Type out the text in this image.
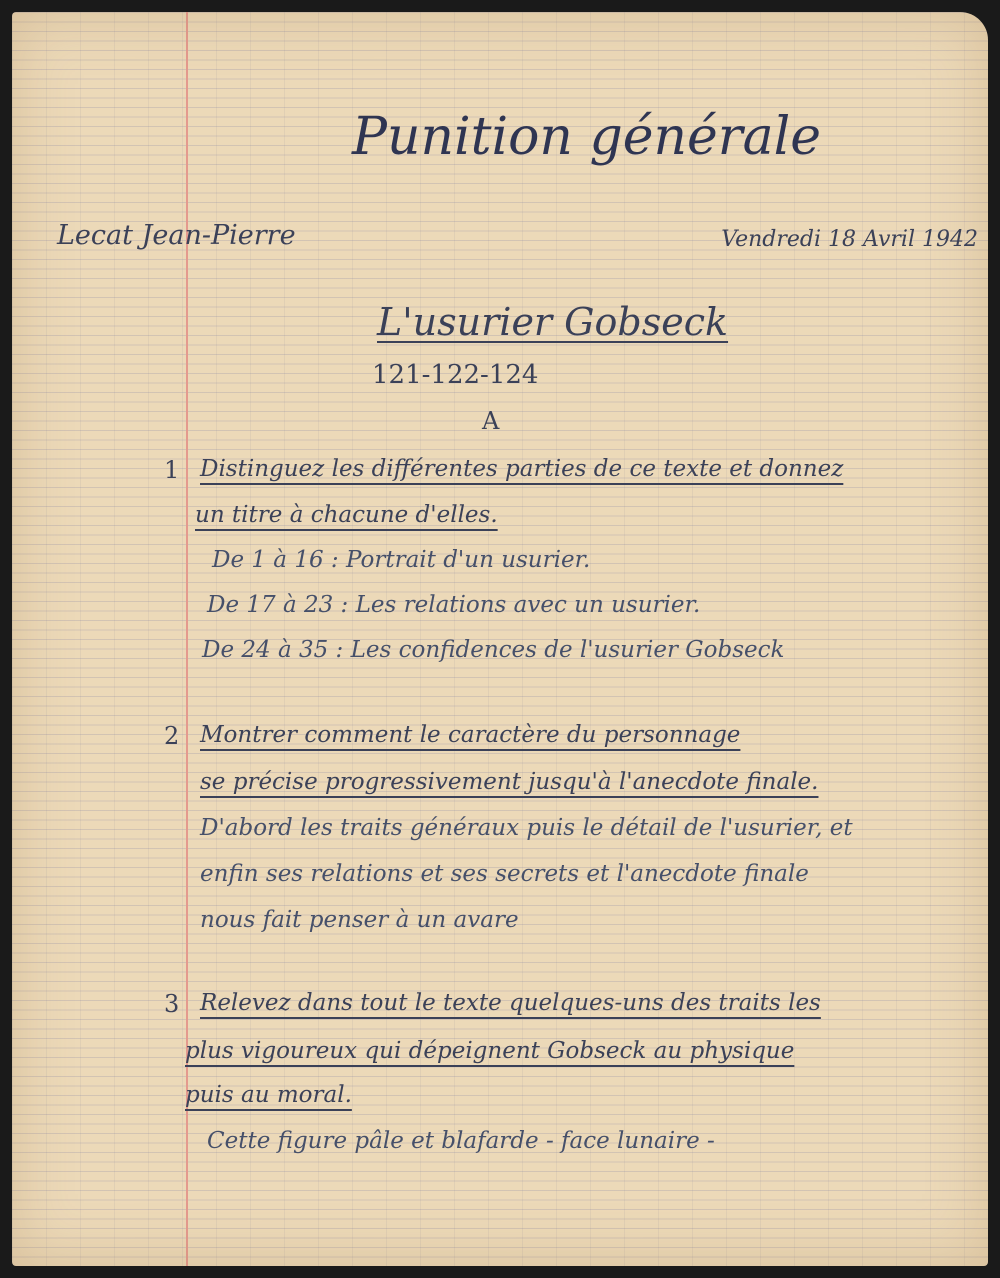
Punition générale
Lecat Jean-Pierre	Vendredi 18 Avril 1942
L'usurier Gobseck
121-122-124
A
1 Distinguez les différentes parties de ce texte et donnez
un titre à chacune d'elles.
De 1 à 16 : Portrait d'un usurier.
De 17 à 23 : Les relations avec un usurier.
De 24 à 35 : Les confidences de l'usurier Gobseck
2 Montrer comment le caractère du personnage
se précise progressivement jusqu'à l'anecdote finale.
D'abord les traits généraux puis le détail de l'usurier, et
enfin ses relations et ses secrets et l'anecdote finale
nous fait penser à un avare
3 Relevez dans tout le texte quelques-uns des traits les
plus vigoureux qui dépeignent Gobseck au physique
puis au moral.
Cette figure pâle et blafarde - face lunaire -
